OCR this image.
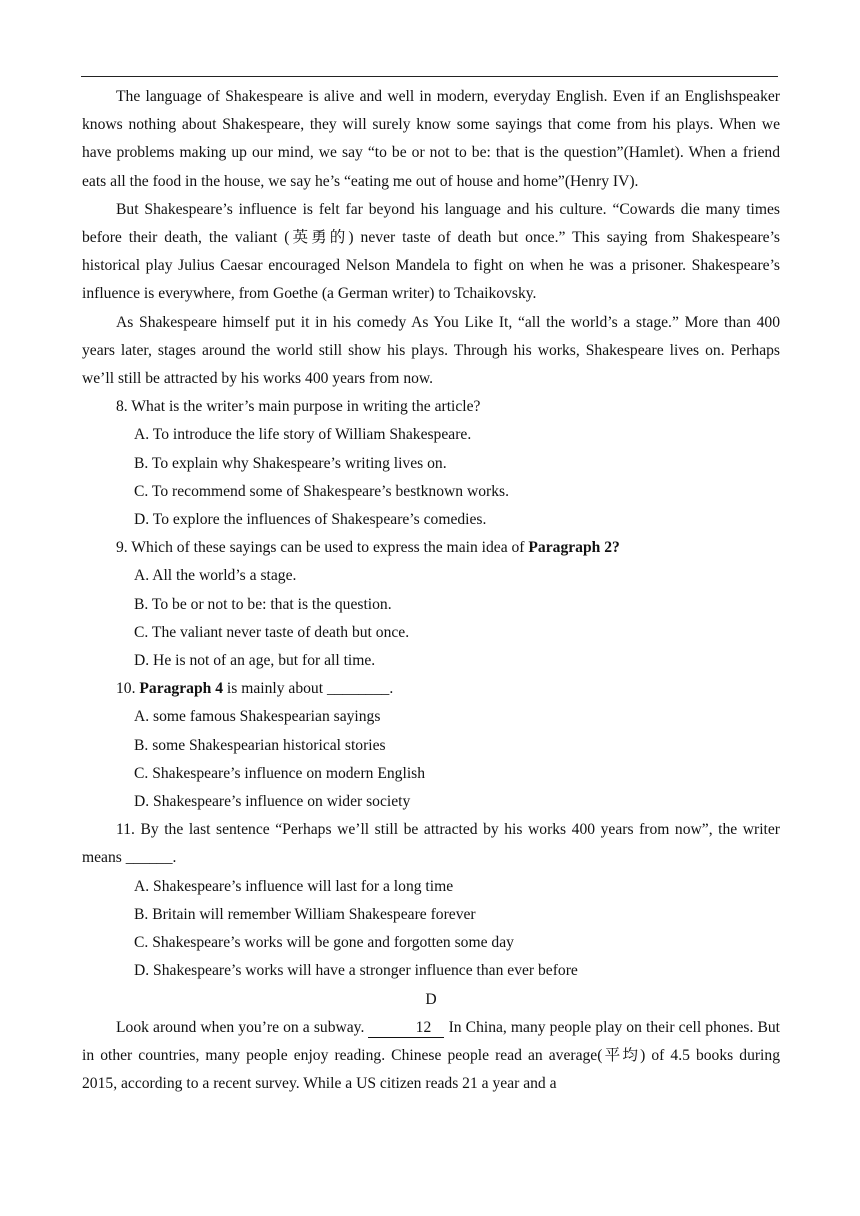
The language of Shakespeare is alive and well in modern, everyday English. Even if an Englishspeaker knows nothing about Shakespeare, they will surely know some sayings that come from his plays. When we have problems making up our mind, we say “to be or not to be: that is the question”(Hamlet). When a friend eats all the food in the house, we say he’s “eating me out of house and home”(Henry IV).

But Shakespeare’s influence is felt far beyond his language and his culture. “Cowards die many times before their death, the valiant (英勇的) never taste of death but once.” This saying from Shakespeare’s historical play Julius Caesar encouraged Nelson Mandela to fight on when he was a prisoner. Shakespeare’s influence is everywhere, from Goethe (a German writer) to Tchaikovsky.

As Shakespeare himself put it in his comedy As You Like It, “all the world’s a stage.” More than 400 years later, stages around the world still show his plays. Through his works, Shakespeare lives on. Perhaps we’ll still be attracted by his works 400 years from now.

8. What is the writer’s main purpose in writing the article?

A. To introduce the life story of William Shakespeare.

B. To explain why Shakespeare’s writing lives on.

C. To recommend some of Shakespeare’s bestknown works.

D. To explore the influences of Shakespeare’s comedies.

9. Which of these sayings can be used to express the main idea of Paragraph 2?

A. All the world’s a stage.

B. To be or not to be: that is the question.

C. The valiant never taste of death but once.

D. He is not of an age, but for all time.

10. Paragraph 4 is mainly about ________.

A. some famous Shakespearian sayings

B. some Shakespearian historical stories

C. Shakespeare’s influence on modern English

D. Shakespeare’s influence on wider society

11. By the last sentence “Perhaps we’ll still be attracted by his works 400 years from now”, the writer means ______.

A. Shakespeare’s influence will last for a long time

B. Britain will remember William Shakespeare forever

C. Shakespeare’s works will be gone and forgotten some day

D. Shakespeare’s works will have a stronger influence than ever before

D

Look around when you’re on a subway.	12 In China, many people play on their cell phones. But in other countries, many people enjoy reading. Chinese people read an average(平均) of 4.5 books during 2015, according to a recent survey. While a US citizen reads 21 a year and a
